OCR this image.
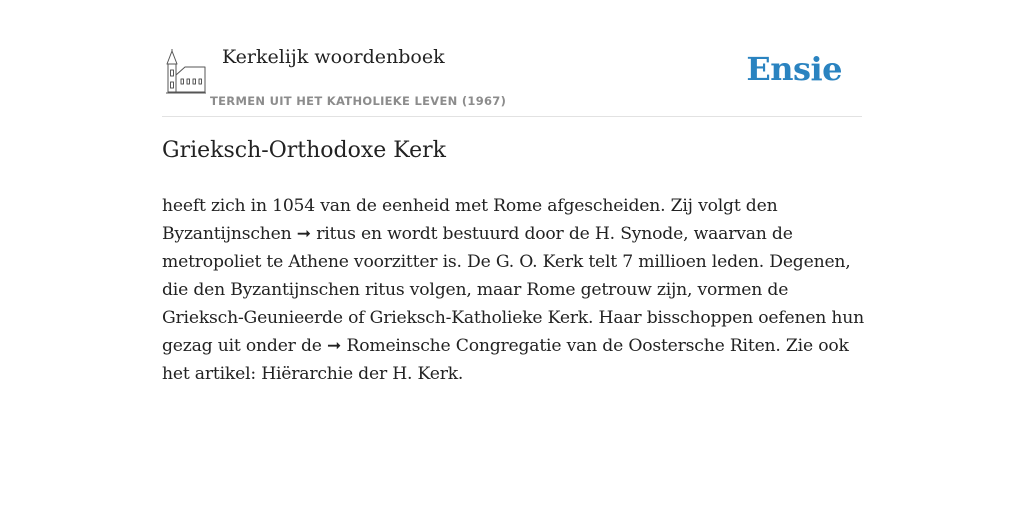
Kerkelijk woordenboek
TERMEN UIT HET KATHOLIEKE LEVEN (1967)
Ensie
Grieksch-Orthodoxe Kerk

heeft zich in 1054 van de eenheid met Rome afgescheiden. Zij volgt den
Byzantijnschen ➞ ritus en wordt bestuurd door de H. Synode, waarvan de
metropoliet te Athene voorzitter is. De G. O. Kerk telt 7 millioen leden. Degenen,
die den Byzantijnschen ritus volgen, maar Rome getrouw zijn, vormen de
Grieksch-Geunieerde of Grieksch-Katholieke Kerk. Haar bisschoppen oefenen hun
gezag uit onder de ➞ Romeinsche Congregatie van de Oostersche Riten. Zie ook
het artikel: Hiërarchie der H. Kerk.
